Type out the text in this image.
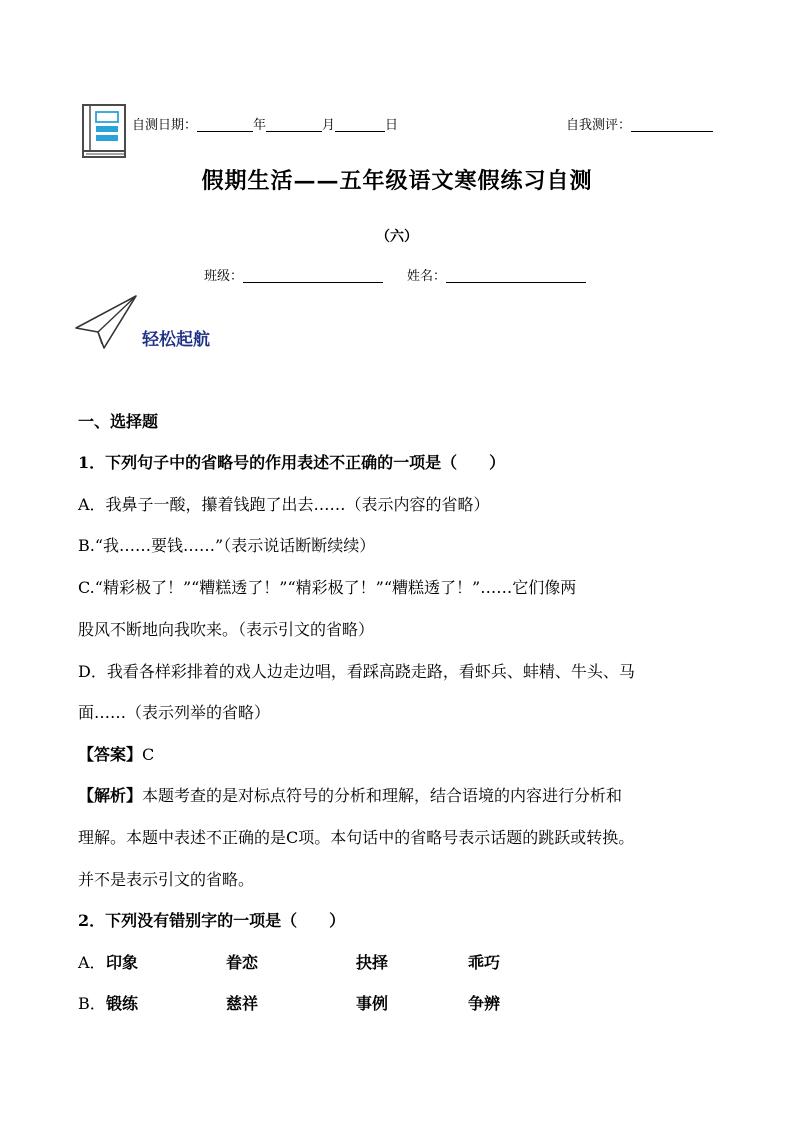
自测日期：	年	月	日	自我测评：
假期生活——五年级语文寒假练习自测
（六）
班级：	姓名：
轻松起航
一、选择题
1．下列句子中的省略号的作用表述不正确的一项是（　　）
A．我鼻子一酸，攥着钱跑了出去……（表示内容的省略）
B.“我……要钱……”（表示说话断断续续）
C.“精彩极了！”“糟糕透了！”“精彩极了！”“糟糕透了！”……它们像两
股风不断地向我吹来。（表示引文的省略）
D．我看各样彩排着的戏人边走边唱，看踩高跷走路，看虾兵、蚌精、牛头、马
面……（表示列举的省略）
【答案】C
【解析】本题考查的是对标点符号的分析和理解，结合语境的内容进行分析和
理解。本题中表述不正确的是C项。本句话中的省略号表示话题的跳跃或转换。
并不是表示引文的省略。
2．下列没有错别字的一项是（　　）
A． 印象	眷恋	抉择	乖巧
B． 锻练	慈祥	事例	争辨
